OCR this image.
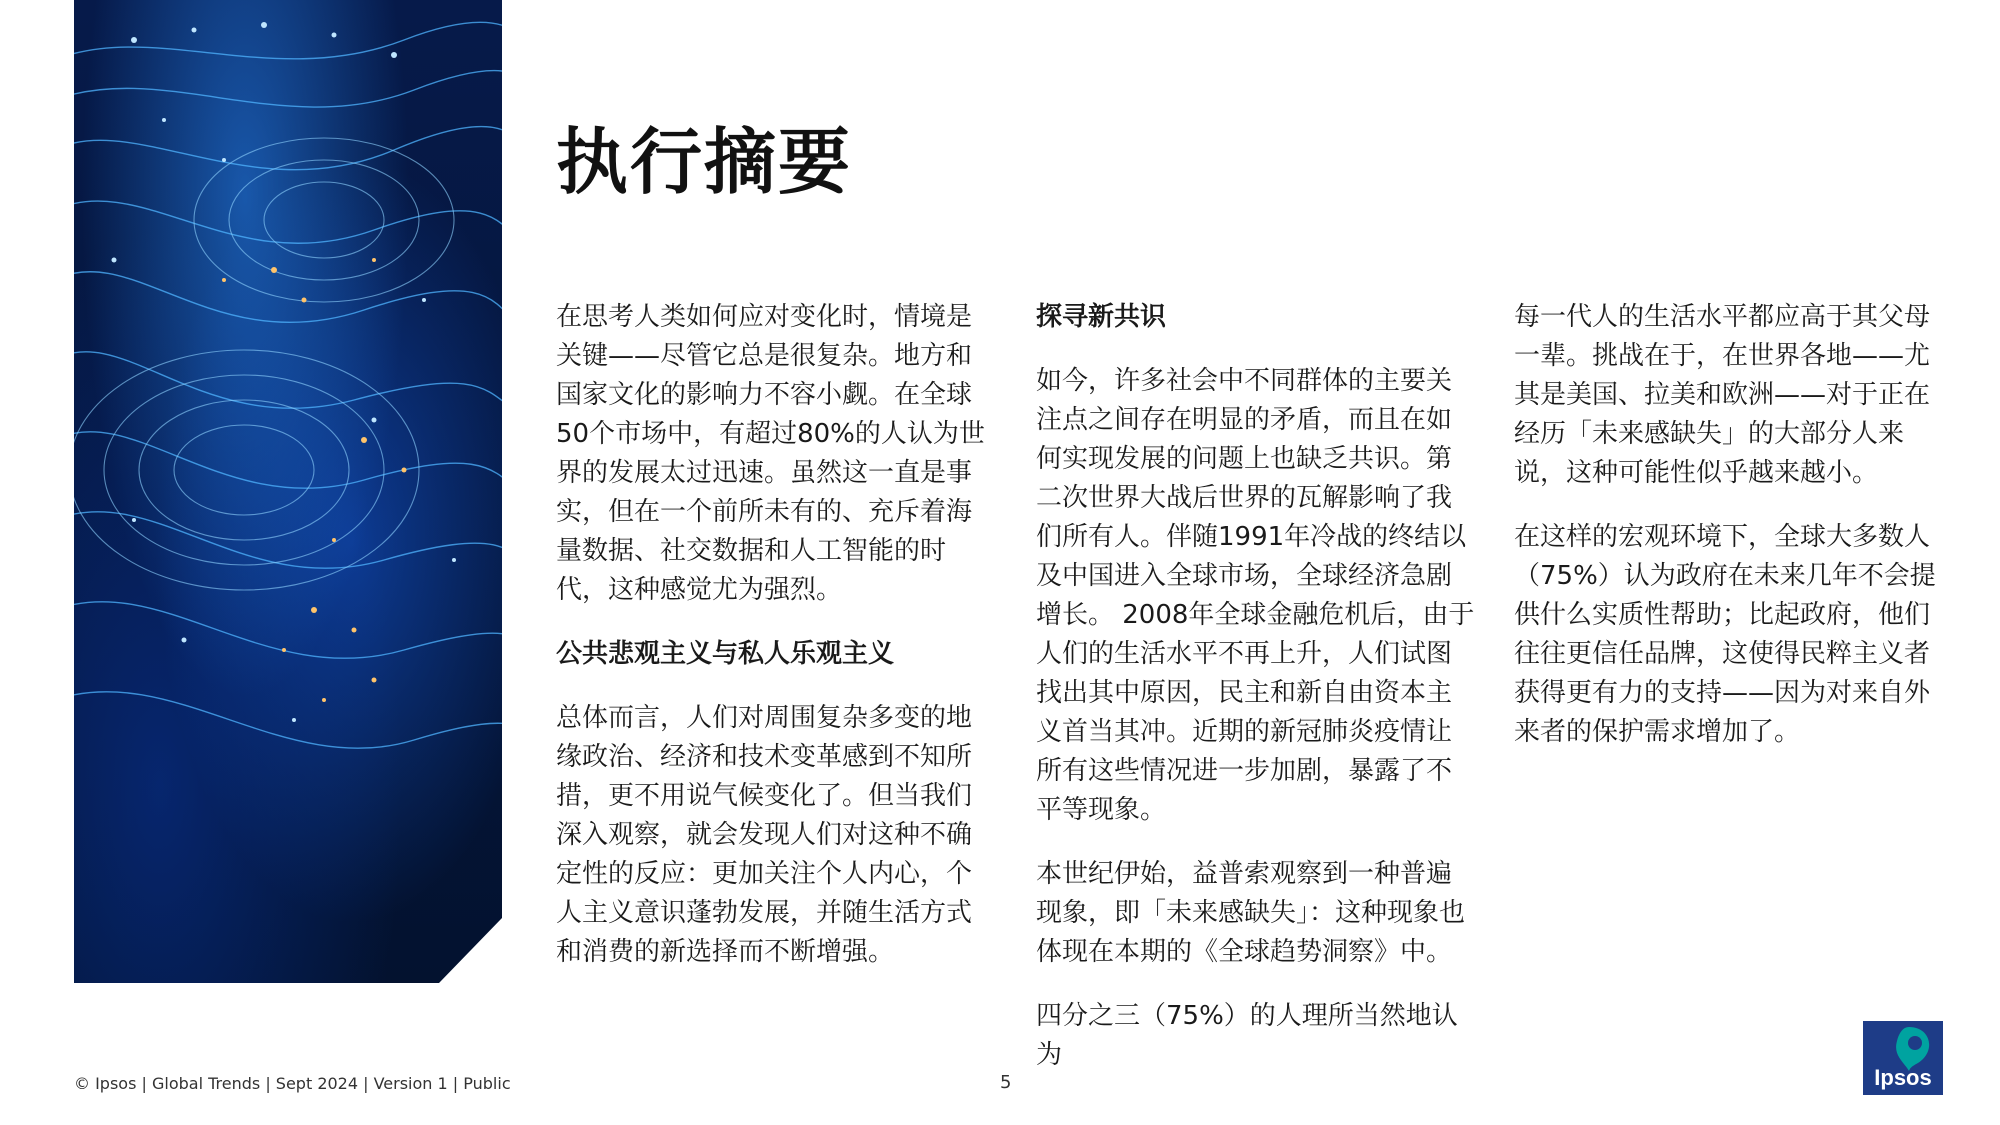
执行摘要

在思考人类如何应对变化时，情境是关键——尽管它总是很复杂。地方和国家文化的影响力不容小觑。在全球50个市场中，有超过80%的人认为世界的发展太过迅速。虽然这一直是事实，但在一个前所未有的、充斥着海量数据、社交数据和人工智能的时代，这种感觉尤为强烈。

公共悲观主义与私人乐观主义

总体而言，人们对周围复杂多变的地缘政治、经济和技术变革感到不知所措，更不用说气候变化了。但当我们深入观察，就会发现人们对这种不确定性的反应：更加关注个人内心，个人主义意识蓬勃发展，并随生活方式和消费的新选择而不断增强。

探寻新共识

如今，许多社会中不同群体的主要关注点之间存在明显的矛盾，而且在如何实现发展的问题上也缺乏共识。第二次世界大战后世界的瓦解影响了我们所有人。伴随1991年冷战的终结以及中国进入全球市场，全球经济急剧增长。 2008年全球金融危机后，由于人们的生活水平不再上升，人们试图找出其中原因，民主和新自由资本主义首当其冲。近期的新冠肺炎疫情让所有这些情况进一步加剧，暴露了不平等现象。

本世纪伊始，益普索观察到一种普遍现象，即「未来感缺失」：这种现象也体现在本期的《全球趋势洞察》中。

四分之三（75%）的人理所当然地认为

每一代人的生活水平都应高于其父母一辈。挑战在于，在世界各地——尤其是美国、拉美和欧洲——对于正在经历「未来感缺失」的大部分人来说，这种可能性似乎越来越小。

在这样的宏观环境下，全球大多数人（75%）认为政府在未来几年不会提供什么实质性帮助；比起政府，他们往往更信任品牌，这使得民粹主义者获得更有力的支持——因为对来自外来者的保护需求增加了。

© Ipsos | Global Trends | Sept 2024 | Version 1 | Public	5	Ipsos
